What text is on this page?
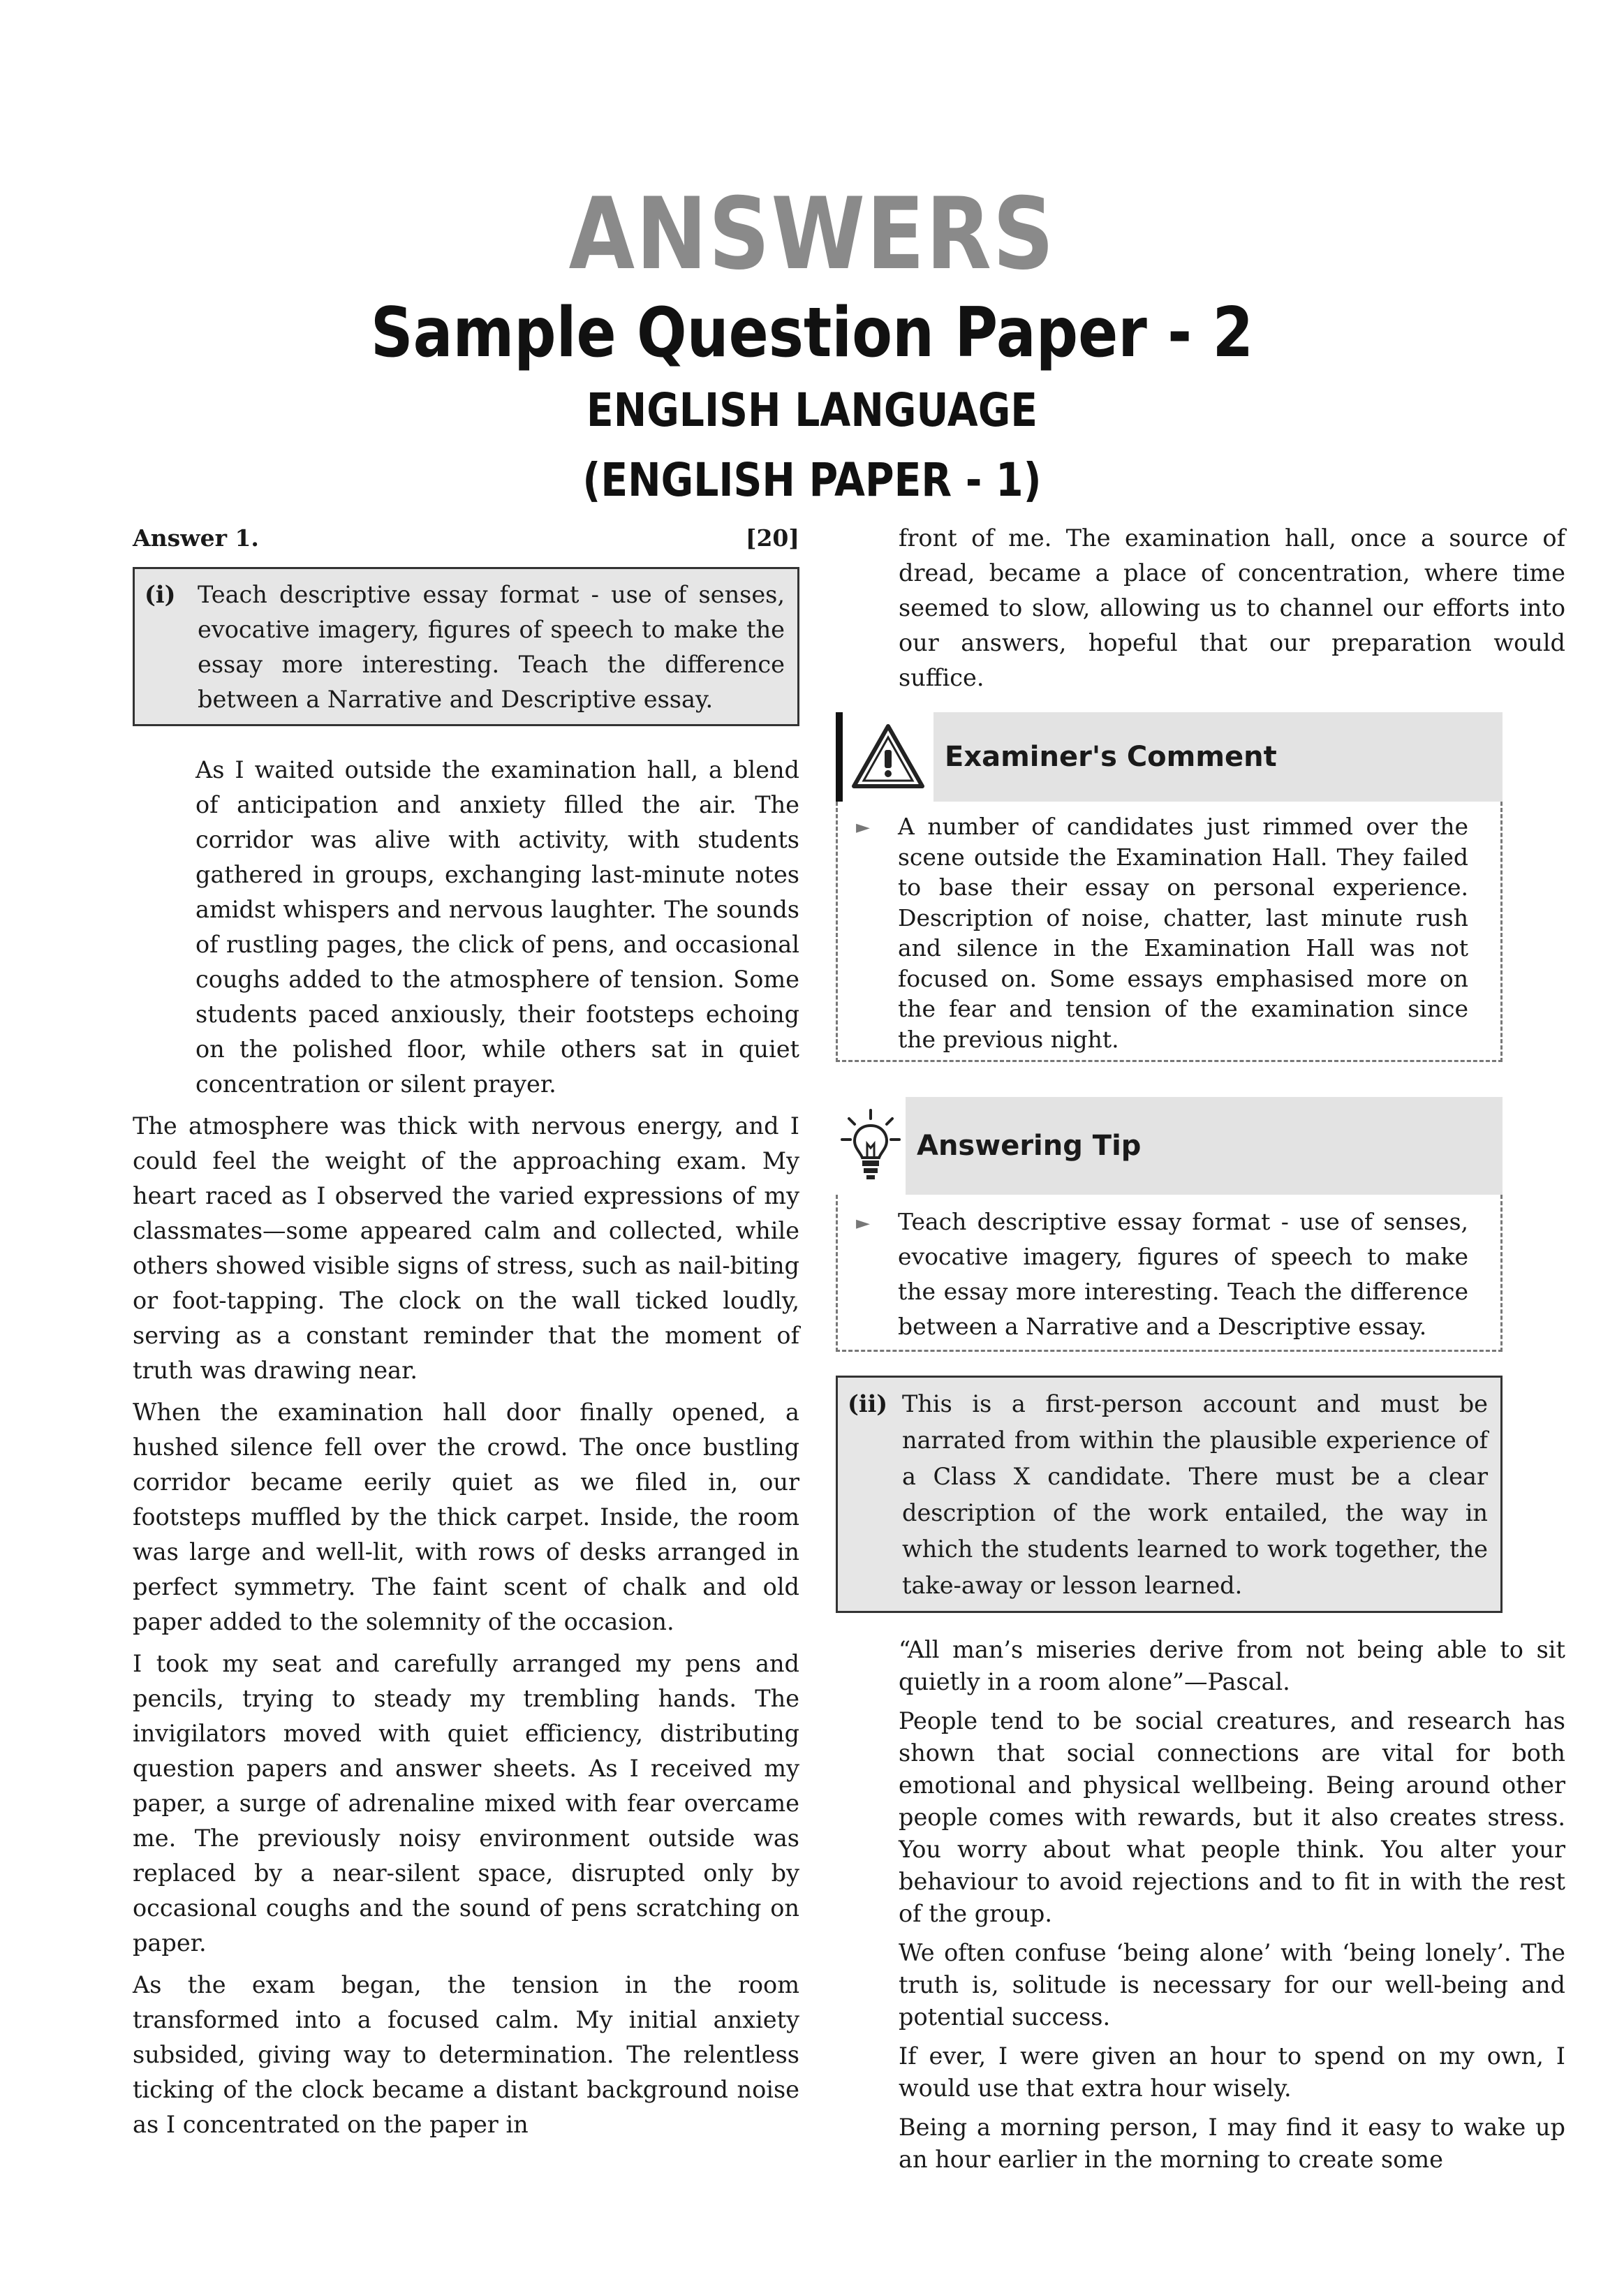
ANSWERS
Sample Question Paper - 2
ENGLISH LANGUAGE
(ENGLISH PAPER - 1)
Answer 1.	[20]
(i) Teach descriptive essay format - use of senses, evocative imagery, figures of speech to make the essay more interesting. Teach the difference between a Narrative and Descriptive essay.

As I waited outside the examination hall, a blend of anticipation and anxiety filled the air. The corridor was alive with activity, with students gathered in groups, exchanging last-minute notes amidst whispers and nervous laughter. The sounds of rustling pages, the click of pens, and occasional coughs added to the atmosphere of tension. Some students paced anxiously, their footsteps echoing on the polished floor, while others sat in quiet concentration or silent prayer.

The atmosphere was thick with nervous energy, and I could feel the weight of the approaching exam. My heart raced as I observed the varied expressions of my classmates—some appeared calm and collected, while others showed visible signs of stress, such as nail-biting or foot-tapping. The clock on the wall ticked loudly, serving as a constant reminder that the moment of truth was drawing near.

When the examination hall door finally opened, a hushed silence fell over the crowd. The once bustling corridor became eerily quiet as we filed in, our footsteps muffled by the thick carpet. Inside, the room was large and well-lit, with rows of desks arranged in perfect symmetry. The faint scent of chalk and old paper added to the solemnity of the occasion.

I took my seat and carefully arranged my pens and pencils, trying to steady my trembling hands. The invigilators moved with quiet efficiency, distributing question papers and answer sheets. As I received my paper, a surge of adrenaline mixed with fear overcame me. The previously noisy environment outside was replaced by a near-silent space, disrupted only by occasional coughs and the sound of pens scratching on paper.

As the exam began, the tension in the room transformed into a focused calm. My initial anxiety subsided, giving way to determination. The relentless ticking of the clock became a distant background noise as I concentrated on the paper in

front of me. The examination hall, once a source of dread, became a place of concentration, where time seemed to slow, allowing us to channel our efforts into our answers, hopeful that our preparation would suffice.

Examiner's Comment
►	A number of candidates just rimmed over the scene outside the Examination Hall. They failed to base their essay on personal experience. Description of noise, chatter, last minute rush and silence in the Examination Hall was not focused on. Some essays emphasised more on the fear and tension of the examination since the previous night.
Answering Tip
►	Teach descriptive essay format - use of senses, evocative imagery, figures of speech to make the essay more interesting. Teach the difference between a Narrative and a Descriptive essay.
(ii) This is a first-person account and must be narrated from within the plausible experience of a Class X candidate. There must be a clear description of the work entailed, the way in which the students learned to work together, the take-away or lesson learned.

“All man’s miseries derive from not being able to sit quietly in a room alone”—Pascal.

People tend to be social creatures, and research has shown that social connections are vital for both emotional and physical wellbeing. Being around other people comes with rewards, but it also creates stress. You worry about what people think. You alter your behaviour to avoid rejections and to fit in with the rest of the group.

We often confuse ‘being alone’ with ‘being lonely’. The truth is, solitude is necessary for our well-being and potential success.

If ever, I were given an hour to spend on my own, I would use that extra hour wisely.

Being a morning person, I may find it easy to wake up an hour earlier in the morning to create some
